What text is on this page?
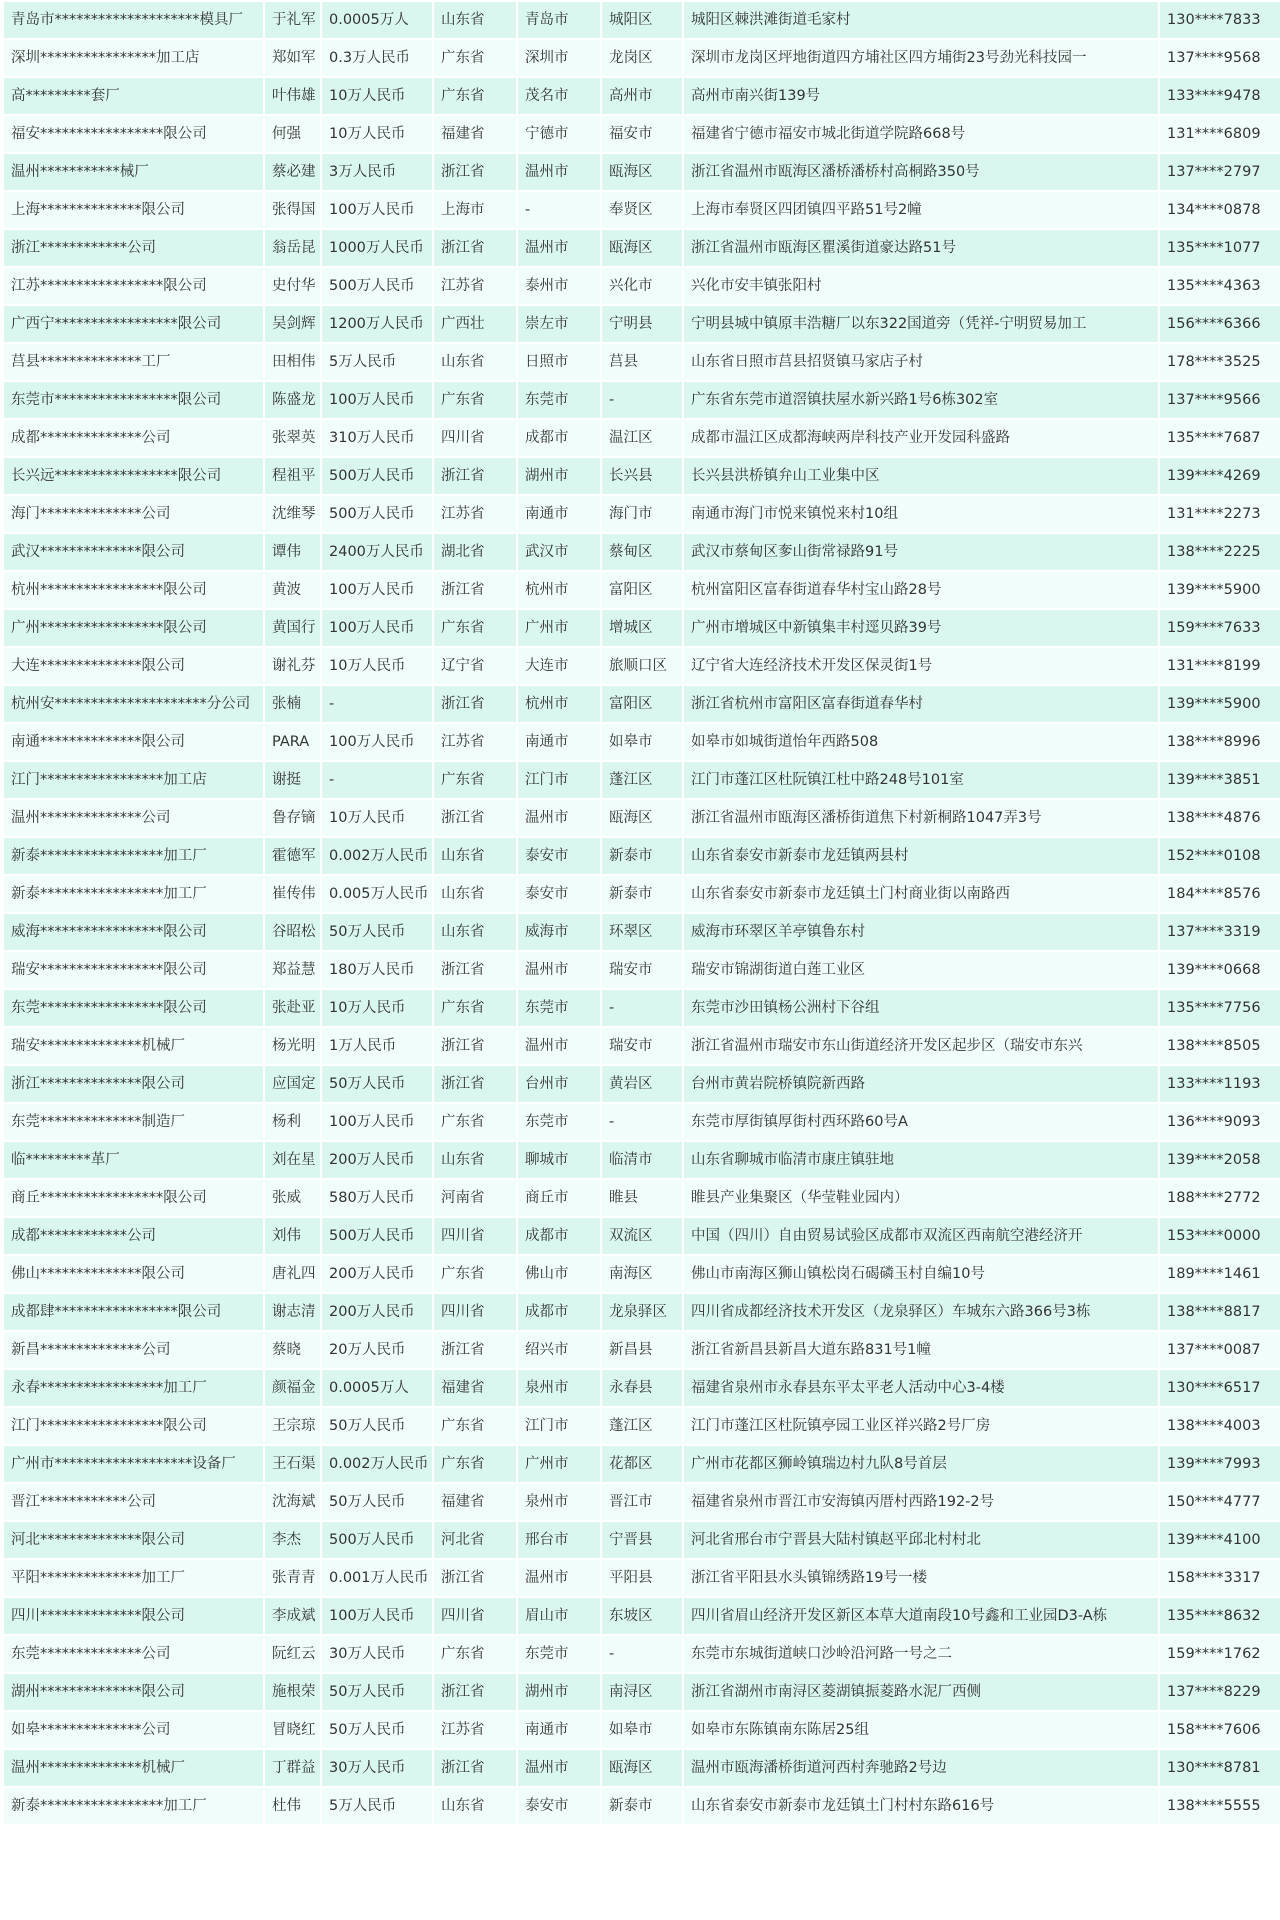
青岛市********************模具厂	于礼军	0.0005万人	山东省	青岛市	城阳区	城阳区棘洪滩街道毛家村	130****7833
深圳****************加工店	郑如军	0.3万人民币	广东省	深圳市	龙岗区	深圳市龙岗区坪地街道四方埔社区四方埔街23号劲光科技园一	137****9568
高*********套厂	叶伟雄	10万人民币	广东省	茂名市	高州市	高州市南兴街139号	133****9478
福安*****************限公司	何强	10万人民币	福建省	宁德市	福安市	福建省宁德市福安市城北街道学院路668号	131****6809
温州***********械厂	蔡必建	3万人民币	浙江省	温州市	瓯海区	浙江省温州市瓯海区潘桥潘桥村高桐路350号	137****2797
上海**************限公司	张得国	100万人民币	上海市	-	奉贤区	上海市奉贤区四团镇四平路51号2幢	134****0878
浙江************公司	翁岳昆	1000万人民币	浙江省	温州市	瓯海区	浙江省温州市瓯海区瞿溪街道豪达路51号	135****1077
江苏*****************限公司	史付华	500万人民币	江苏省	泰州市	兴化市	兴化市安丰镇张阳村	135****4363
广西宁*****************限公司	吴剑辉	1200万人民币	广西壮	崇左市	宁明县	宁明县城中镇原丰浩糖厂以东322国道旁（凭祥-宁明贸易加工	156****6366
莒县**************工厂	田相伟	5万人民币	山东省	日照市	莒县	山东省日照市莒县招贤镇马家店子村	178****3525
东莞市*****************限公司	陈盛龙	100万人民币	广东省	东莞市	-	广东省东莞市道滘镇扶屋水新兴路1号6栋302室	137****9566
成都**************公司	张翠英	310万人民币	四川省	成都市	温江区	成都市温江区成都海峡两岸科技产业开发园科盛路	135****7687
长兴远*****************限公司	程祖平	500万人民币	浙江省	湖州市	长兴县	长兴县洪桥镇弁山工业集中区	139****4269
海门**************公司	沈维琴	500万人民币	江苏省	南通市	海门市	南通市海门市悦来镇悦来村10组	131****2273
武汉**************限公司	谭伟	2400万人民币	湖北省	武汉市	蔡甸区	武汉市蔡甸区奓山街常禄路91号	138****2225
杭州*****************限公司	黄波	100万人民币	浙江省	杭州市	富阳区	杭州富阳区富春街道春华村宝山路28号	139****5900
广州*****************限公司	黄国行	100万人民币	广东省	广州市	增城区	广州市增城区中新镇集丰村逕贝路39号	159****7633
大连**************限公司	谢礼芬	10万人民币	辽宁省	大连市	旅顺口区	辽宁省大连经济技术开发区保灵街1号	131****8199
杭州安*********************分公司	张楠	-	浙江省	杭州市	富阳区	浙江省杭州市富阳区富春街道春华村	139****5900
南通**************限公司	PARA	100万人民币	江苏省	南通市	如皋市	如皋市如城街道怡年西路508	138****8996
江门*****************加工店	谢挺	-	广东省	江门市	蓬江区	江门市蓬江区杜阮镇江杜中路248号101室	139****3851
温州**************公司	鲁存镝	10万人民币	浙江省	温州市	瓯海区	浙江省温州市瓯海区潘桥街道焦下村新桐路1047弄3号	138****4876
新泰*****************加工厂	霍德军	0.002万人民币	山东省	泰安市	新泰市	山东省泰安市新泰市龙廷镇两县村	152****0108
新泰*****************加工厂	崔传伟	0.005万人民币	山东省	泰安市	新泰市	山东省泰安市新泰市龙廷镇土门村商业街以南路西	184****8576
威海*****************限公司	谷昭松	50万人民币	山东省	威海市	环翠区	威海市环翠区羊亭镇鲁东村	137****3319
瑞安*****************限公司	郑益慧	180万人民币	浙江省	温州市	瑞安市	瑞安市锦湖街道白莲工业区	139****0668
东莞*****************限公司	张赴亚	10万人民币	广东省	东莞市	-	东莞市沙田镇杨公洲村下谷组	135****7756
瑞安**************机械厂	杨光明	1万人民币	浙江省	温州市	瑞安市	浙江省温州市瑞安市东山街道经济开发区起步区（瑞安市东兴	138****8505
浙江**************限公司	应国定	50万人民币	浙江省	台州市	黄岩区	台州市黄岩院桥镇院新西路	133****1193
东莞**************制造厂	杨利	100万人民币	广东省	东莞市	-	东莞市厚街镇厚街村西环路60号A	136****9093
临*********革厂	刘在星	200万人民币	山东省	聊城市	临清市	山东省聊城市临清市康庄镇驻地	139****2058
商丘*****************限公司	张威	580万人民币	河南省	商丘市	睢县	睢县产业集聚区（华莹鞋业园内）	188****2772
成都************公司	刘伟	500万人民币	四川省	成都市	双流区	中国（四川）自由贸易试验区成都市双流区西南航空港经济开	153****0000
佛山**************限公司	唐礼四	200万人民币	广东省	佛山市	南海区	佛山市南海区狮山镇松岗石碣磷玉村自编10号	189****1461
成都肆*****************限公司	谢志清	200万人民币	四川省	成都市	龙泉驿区	四川省成都经济技术开发区（龙泉驿区）车城东六路366号3栋	138****8817
新昌**************公司	蔡晓	20万人民币	浙江省	绍兴市	新昌县	浙江省新昌县新昌大道东路831号1幢	137****0087
永春*****************加工厂	颜福金	0.0005万人	福建省	泉州市	永春县	福建省泉州市永春县东平太平老人活动中心3-4楼	130****6517
江门*****************限公司	王宗琼	50万人民币	广东省	江门市	蓬江区	江门市蓬江区杜阮镇亭园工业区祥兴路2号厂房	138****4003
广州市*******************设备厂	王石渠	0.002万人民币	广东省	广州市	花都区	广州市花都区狮岭镇瑞边村九队8号首层	139****7993
晋江************公司	沈海斌	50万人民币	福建省	泉州市	晋江市	福建省泉州市晋江市安海镇丙厝村西路192-2号	150****4777
河北**************限公司	李杰	500万人民币	河北省	邢台市	宁晋县	河北省邢台市宁晋县大陆村镇赵平邱北村村北	139****4100
平阳**************加工厂	张青青	0.001万人民币	浙江省	温州市	平阳县	浙江省平阳县水头镇锦绣路19号一楼	158****3317
四川**************限公司	李成斌	100万人民币	四川省	眉山市	东坡区	四川省眉山经济开发区新区本草大道南段10号鑫和工业园D3-A栋	135****8632
东莞**************公司	阮红云	30万人民币	广东省	东莞市	-	东莞市东城街道峡口沙岭沿河路一号之二	159****1762
湖州**************限公司	施根荣	50万人民币	浙江省	湖州市	南浔区	浙江省湖州市南浔区菱湖镇振菱路水泥厂西侧	137****8229
如皋**************公司	冒晓红	50万人民币	江苏省	南通市	如皋市	如皋市东陈镇南东陈居25组	158****7606
温州**************机械厂	丁群益	30万人民币	浙江省	温州市	瓯海区	温州市瓯海潘桥街道河西村奔驰路2号边	130****8781
新泰*****************加工厂	杜伟	5万人民币	山东省	泰安市	新泰市	山东省泰安市新泰市龙廷镇土门村村东路616号	138****5555
